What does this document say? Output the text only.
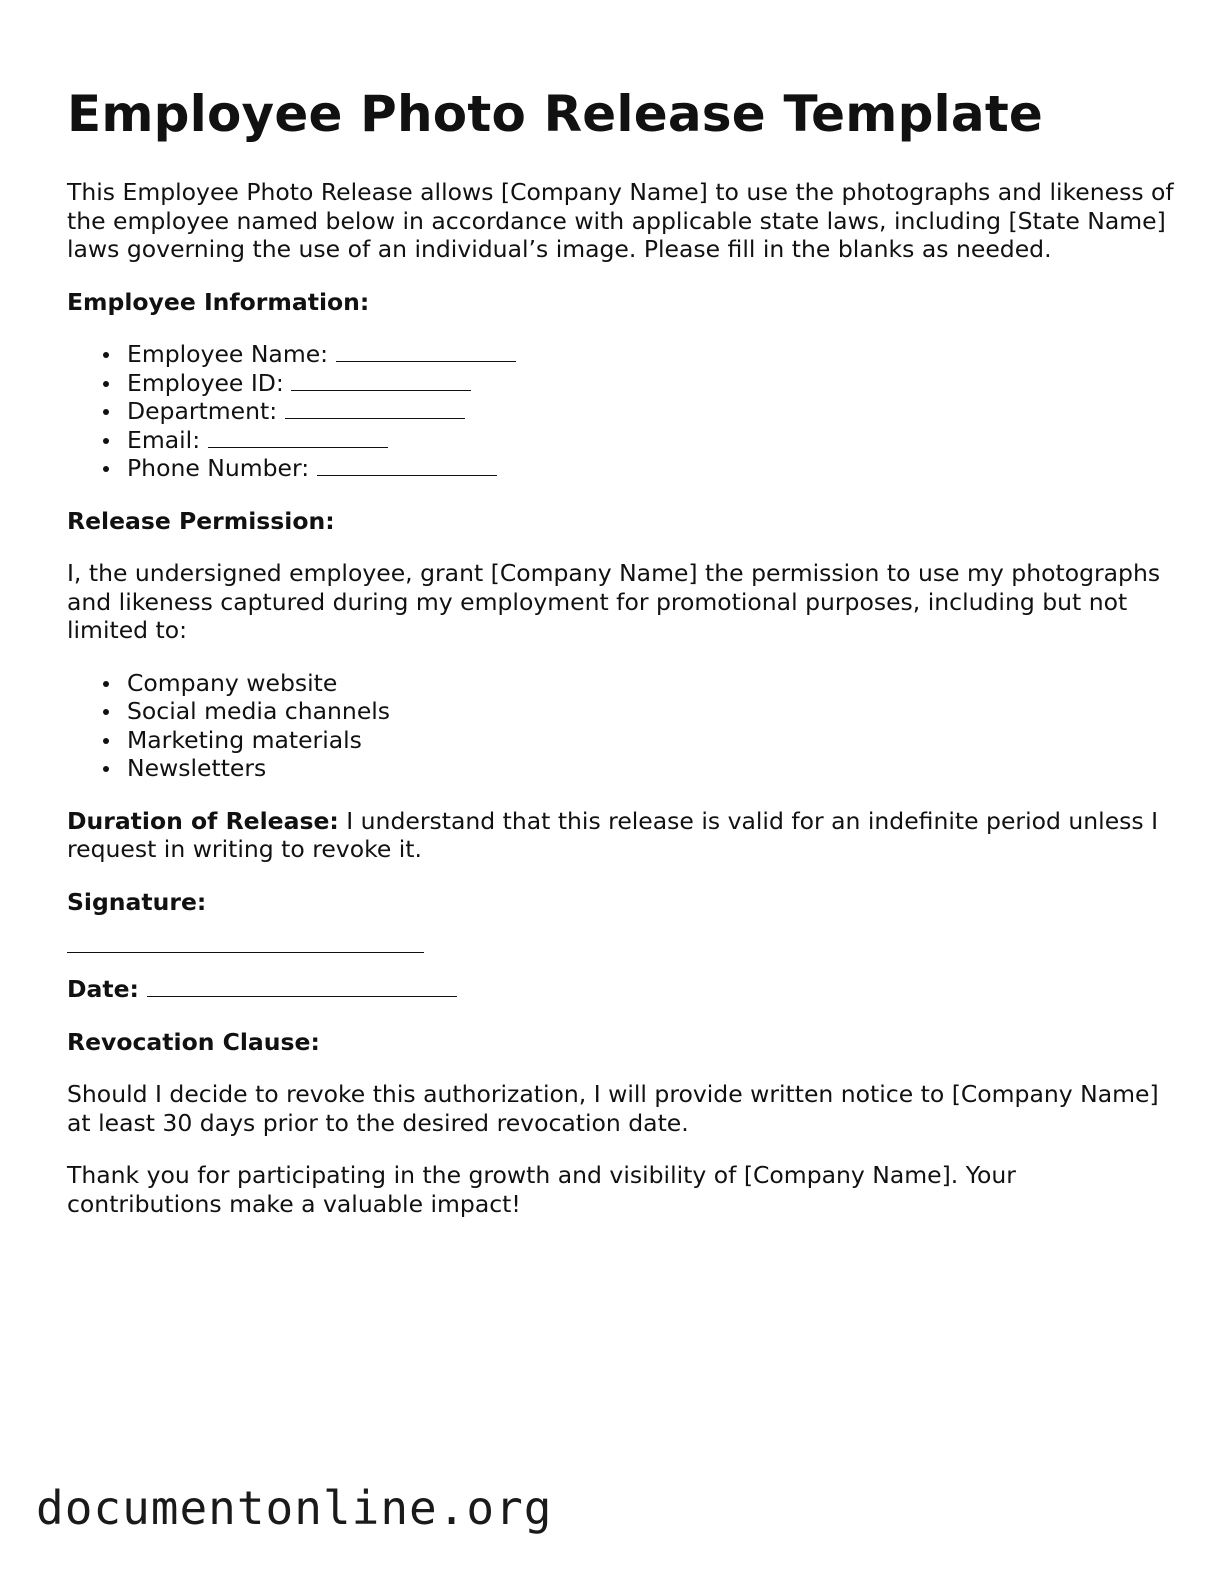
Employee Photo Release Template

This Employee Photo Release allows [Company Name] to use the photographs and likeness of the employee named below in accordance with applicable state laws, including [State Name] laws governing the use of an individual’s image. Please fill in the blanks as needed.

Employee Information:
Employee Name:
Employee ID:
Department:
Email:
Phone Number:
Release Permission:

I, the undersigned employee, grant [Company Name] the permission to use my photographs and likeness captured during my employment for promotional purposes, including but not limited to:

Company website
Social media channels
Marketing materials
Newsletters

Duration of Release: I understand that this release is valid for an indefinite period unless I request in writing to revoke it.

Signature:
Date:
Revocation Clause:

Should I decide to revoke this authorization, I will provide written notice to [Company Name] at least 30 days prior to the desired revocation date.

Thank you for participating in the growth and visibility of [Company Name]. Your contributions make a valuable impact!

documentonline.org
